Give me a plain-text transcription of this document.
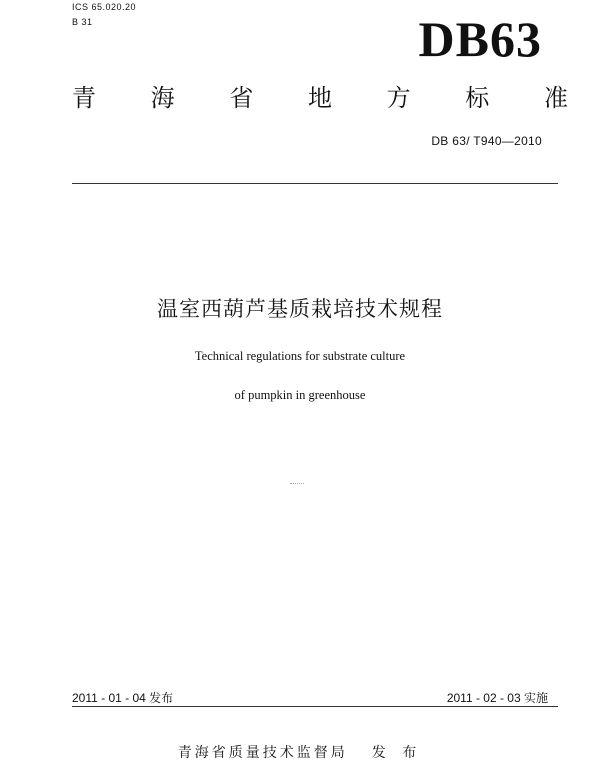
ICS 65.020.20
B 31	DB63
青 海 省 地 方 标 准
DB 63/ T940—2010
温室西葫芦基质栽培技术规程
Technical regulations for substrate culture
of pumpkin in greenhouse
2011 - 01 - 04 发布	2011 - 02 - 03 实施
青海省质量技术监督局 发 布
